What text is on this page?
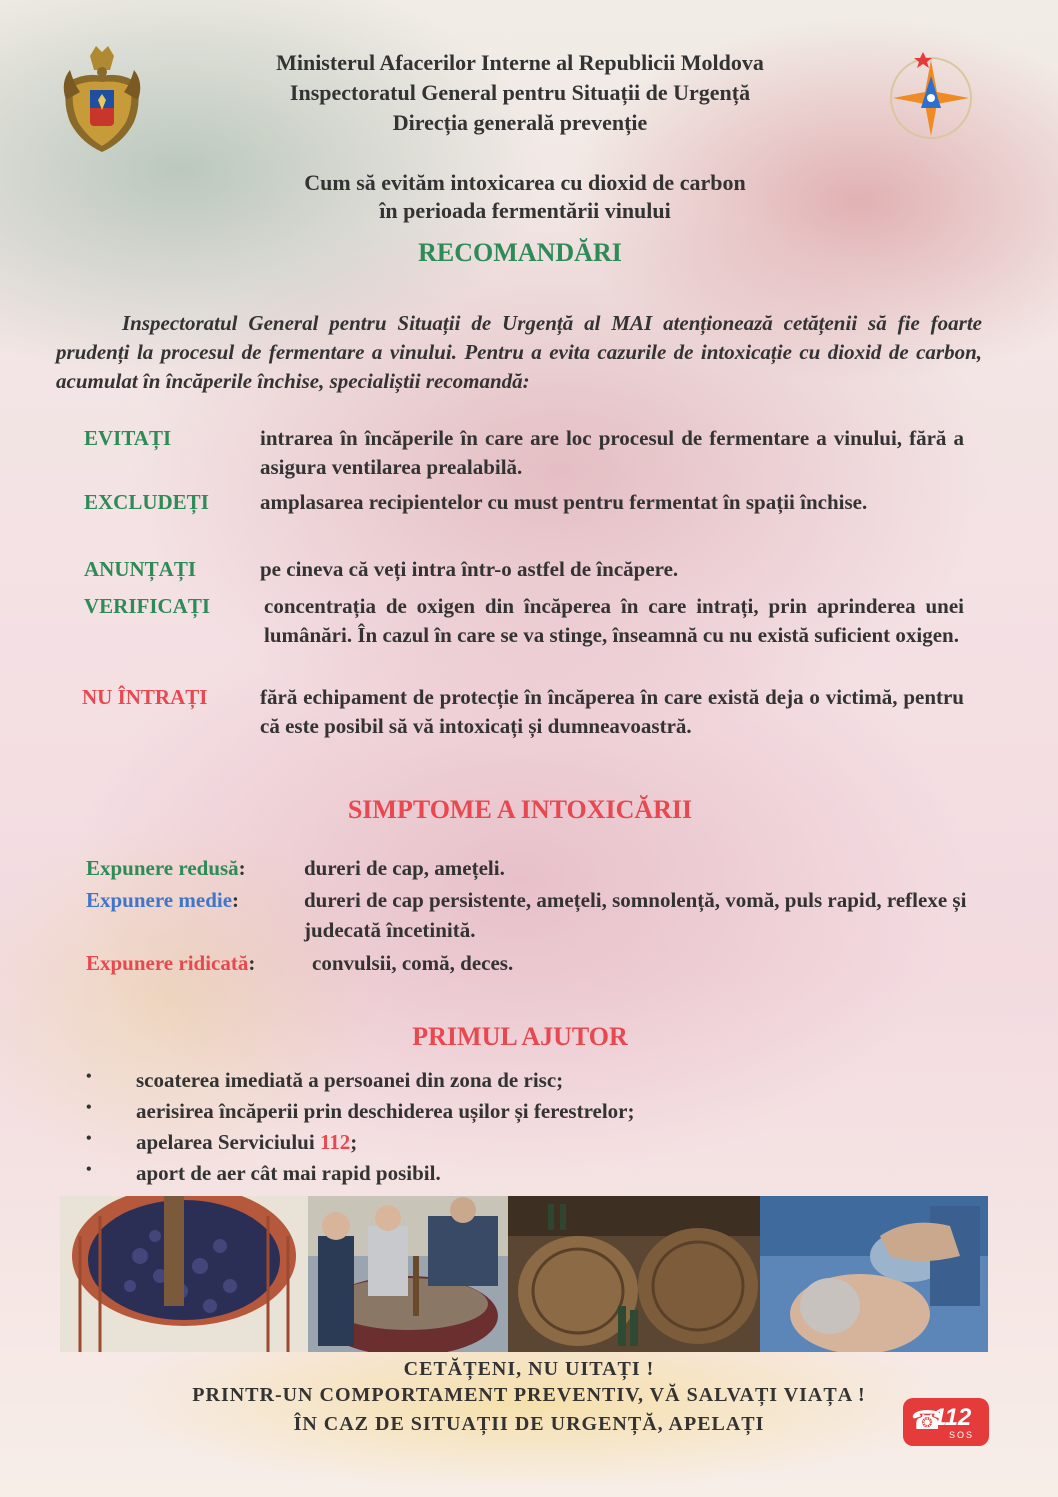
Ministerul Afacerilor Interne al Republicii Moldova
Inspectoratul General pentru Situații de Urgență
Direcția generală prevenție
Cum să evităm intoxicarea cu dioxid de carbon
în perioada fermentării vinului
RECOMANDĂRI
Inspectoratul General pentru Situații de Urgență al MAI atenționează cetățenii să fie foarte prudenți la procesul de fermentare a vinului. Pentru a evita cazurile de intoxicație cu dioxid de carbon, acumulat în încăperile închise, specialiștii recomandă:
EVITAȚI	intrarea în încăperile în care are loc procesul de fermentare a vinului, fără a asigura ventilarea prealabilă.
EXCLUDEȚI	amplasarea recipientelor cu must pentru fermentat în spații închise.
ANUNȚAȚI	pe cineva că veți intra într-o astfel de încăpere.
VERIFICAȚI	concentrația de oxigen din încăperea în care intrați, prin aprinderea unei lumânări. În cazul în care se va stinge, înseamnă cu nu există suficient oxigen.
NU ÎNTRAȚI	fără echipament de protecție în încăperea în care există deja o victimă, pentru că este posibil să vă intoxicați și dumneavoastră.
SIMPTOME A INTOXICĂRII
Expunere redusă:	dureri de cap, amețeli.
Expunere medie:	dureri de cap persistente, amețeli, somnolență, vomă, puls rapid, reflexe și judecată încetinită.
Expunere ridicată:	convulsii, comă, deces.
PRIMUL AJUTOR
• scoaterea imediată a persoanei din zona de risc;
• aerisirea încăperii prin deschiderea ușilor și ferestrelor;
• apelarea Serviciului 112;
• aport de aer cât mai rapid posibil.
CETĂȚENI, NU UITAȚI !
PRINTR-UN COMPORTAMENT PREVENTIV, VĂ SALVAȚI VIAȚA !
ÎN CAZ DE SITUAȚII DE URGENȚĂ, APELAȚI	☎
112
SOS
